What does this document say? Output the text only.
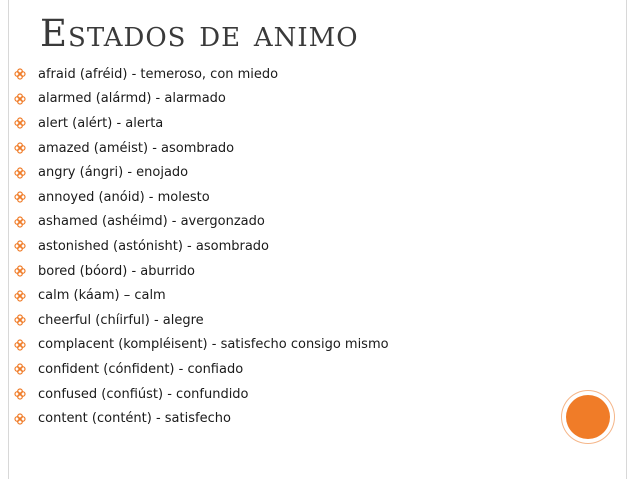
Estados de animo
afraid (afréid) - temeroso, con miedo
alarmed (alármd) - alarmado
alert (alért) - alerta
amazed (améist) - asombrado
angry (ángri) - enojado
annoyed (anóid) - molesto
ashamed (ashéimd) - avergonzado
astonished (astónisht) - asombrado
bored (bóord) - aburrido
calm (káam) – calm
cheerful (chíirful) - alegre
complacent (kompléisent) - satisfecho consigo mismo
confident (cónfident) - confiado
confused (confiúst) - confundido
content (contént) - satisfecho
